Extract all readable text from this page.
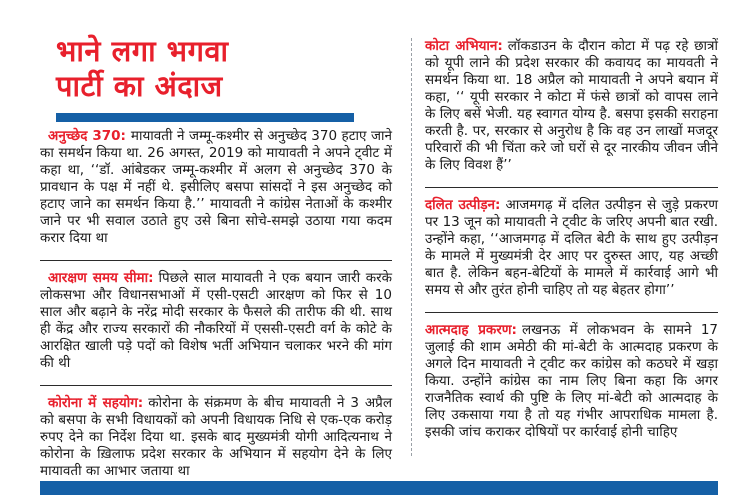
भाने लगा भगवा
पार्टी का अंदाज

अनुच्छेद 370: मायावती ने जम्मू-कश्मीर से अनुच्छेद 370 हटाए जाने का समर्थन किया था. 26 अगस्त, 2019 को मायावती ने अपने ट्वीट में कहा था, ‘‘डॉ. आंबेडकर जम्मू-कश्मीर में अलग से अनुच्छेद 370 के प्रावधान के पक्ष में नहीं थे. इसीलिए बसपा सांसदों ने इस अनुच्छेद को हटाए जाने का समर्थन किया है.’’ मायावती ने कांग्रेस नेताओं के कश्मीर जाने पर भी सवाल उठाते हुए उसे बिना सोचे-समझे उठाया गया कदम करार दिया था

आरक्षण समय सीमा: पिछले साल मायावती ने एक बयान जारी करके लोकसभा और विधानसभाओं में एसी-एसटी आरक्षण को फिर से 10 साल और बढ़ाने के नरेंद्र मोदी सरकार के फैसले की तारीफ की थी. साथ ही केंद्र और राज्य सरकारों की नौकरियों में एससी-एसटी वर्ग के कोटे के आरक्षित खाली पड़े पदों को विशेष भर्ती अभियान चलाकर भरने की मांग की थी

कोरोना में सहयोग: कोरोना के संक्रमण के बीच मायावती ने 3 अप्रैल को बसपा के सभी विधायकों को अपनी विधायक निधि से एक-एक करोड़ रुपए देने का निर्देश दिया था. इसके बाद मुख्यमंत्री योगी आदित्यनाथ ने कोरोना के ख़िलाफ प्रदेश सरकार के अभियान में सहयोग देने के लिए मायावती का आभार जताया था

कोटा अभियान: लॉकडाउन के दौरान कोटा में पढ़ रहे छात्रों को यूपी लाने की प्रदेश सरकार की कवायद का मायवती ने समर्थन किया था. 18 अप्रैल को मायावती ने अपने बयान में कहा, ‘‘ यूपी सरकार ने कोटा में फंसे छात्रों को वापस लाने के लिए बसें भेजी. यह स्वागत योग्य है. बसपा इसकी सराहना करती है. पर, सरकार से अनुरोध है कि वह उन लाखों मजदूर परिवारों की भी चिंता करे जो घरों से दूर नारकीय जीवन जीने के लिए विवश हैं’’

दलित उत्पीड़न: आजमगढ़ में दलित उत्पीड़न से जुड़े प्रकरण पर 13 जून को मायावती ने ट्वीट के जरिए अपनी बात रखी. उन्होंने कहा, ‘‘आजमगढ़ में दलित बेटी के साथ हुए उत्पीड़न के मामले में मुख्यमंत्री देर आए पर दुरुस्त आए, यह अच्छी बात है. लेकिन बहन-बेटियों के मामले में कार्रवाई आगे भी समय से और तुरंत होनी चाहिए तो यह बेहतर होगा’’

आत्मदाह प्रकरण: लखनऊ में लोकभवन के सामने 17 जुलाई की शाम अमेठी की मां-बेटी के आत्मदाह प्रकरण के अगले दिन मायावती ने ट्वीट कर कांग्रेस को कठघरे में खड़ा किया. उन्होंने कांग्रेस का नाम लिए बिना कहा कि अगर राजनैतिक स्वार्थ की पुष्टि के लिए मां-बेटी को आत्मदाह के लिए उकसाया गया है तो यह गंभीर आपराधिक मामला है. इसकी जांच कराकर दोषियों पर कार्रवाई होनी चाहिए
